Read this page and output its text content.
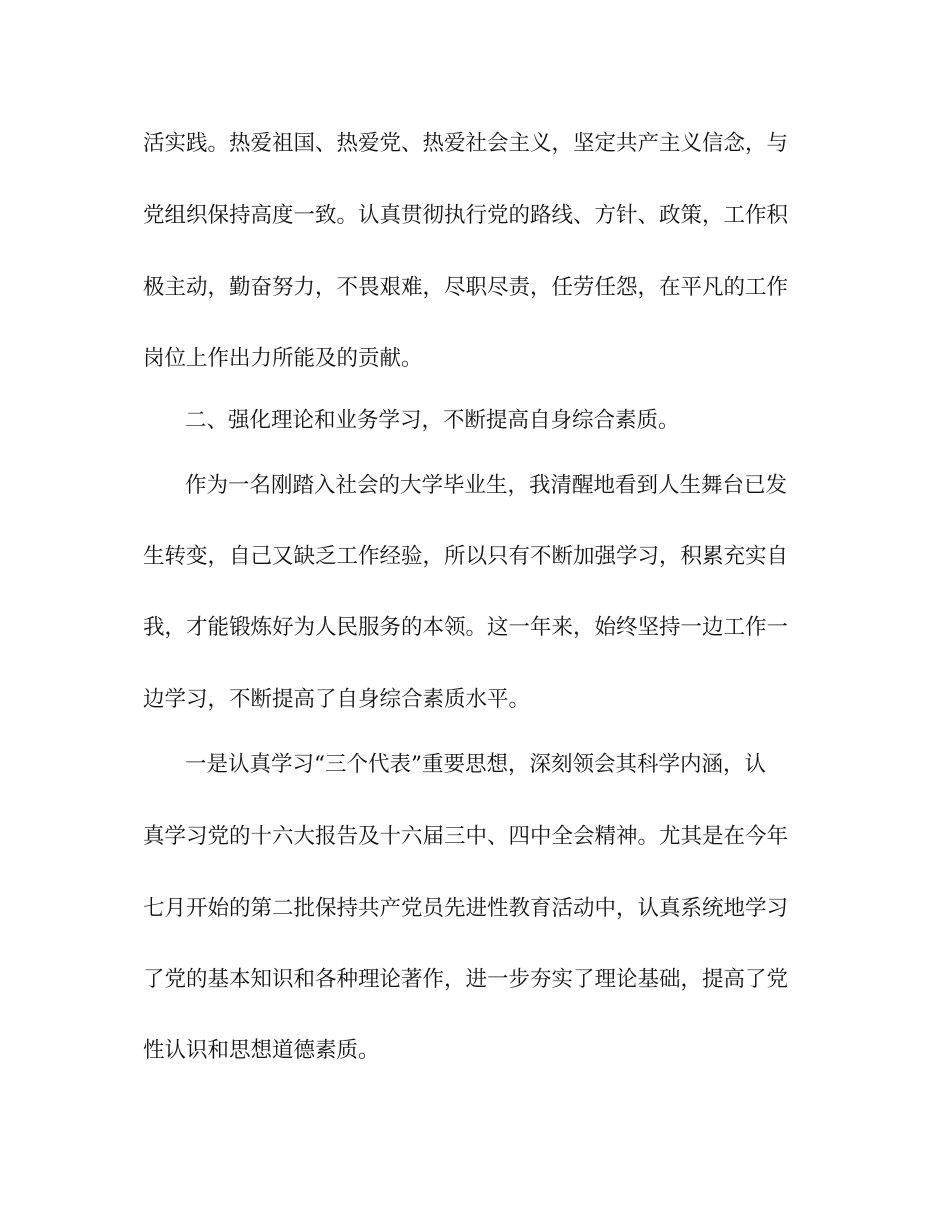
活实践。热爱祖国、热爱党、热爱社会主义，坚定共产主义信念，与
党组织保持高度一致。认真贯彻执行党的路线、方针、政策，工作积
极主动，勤奋努力，不畏艰难，尽职尽责，任劳任怨，在平凡的工作
岗位上作出力所能及的贡献。
二、强化理论和业务学习，不断提高自身综合素质。
作为一名刚踏入社会的大学毕业生，我清醒地看到人生舞台已发
生转变，自己又缺乏工作经验，所以只有不断加强学习，积累充实自
我，才能锻炼好为人民服务的本领。这一年来，始终坚持一边工作一
边学习，不断提高了自身综合素质水平。
一是认真学习“三个代表”重要思想，深刻领会其科学内涵，认
真学习党的十六大报告及十六届三中、四中全会精神。尤其是在今年
七月开始的第二批保持共产党员先进性教育活动中，认真系统地学习
了党的基本知识和各种理论著作，进一步夯实了理论基础，提高了党
性认识和思想道德素质。
